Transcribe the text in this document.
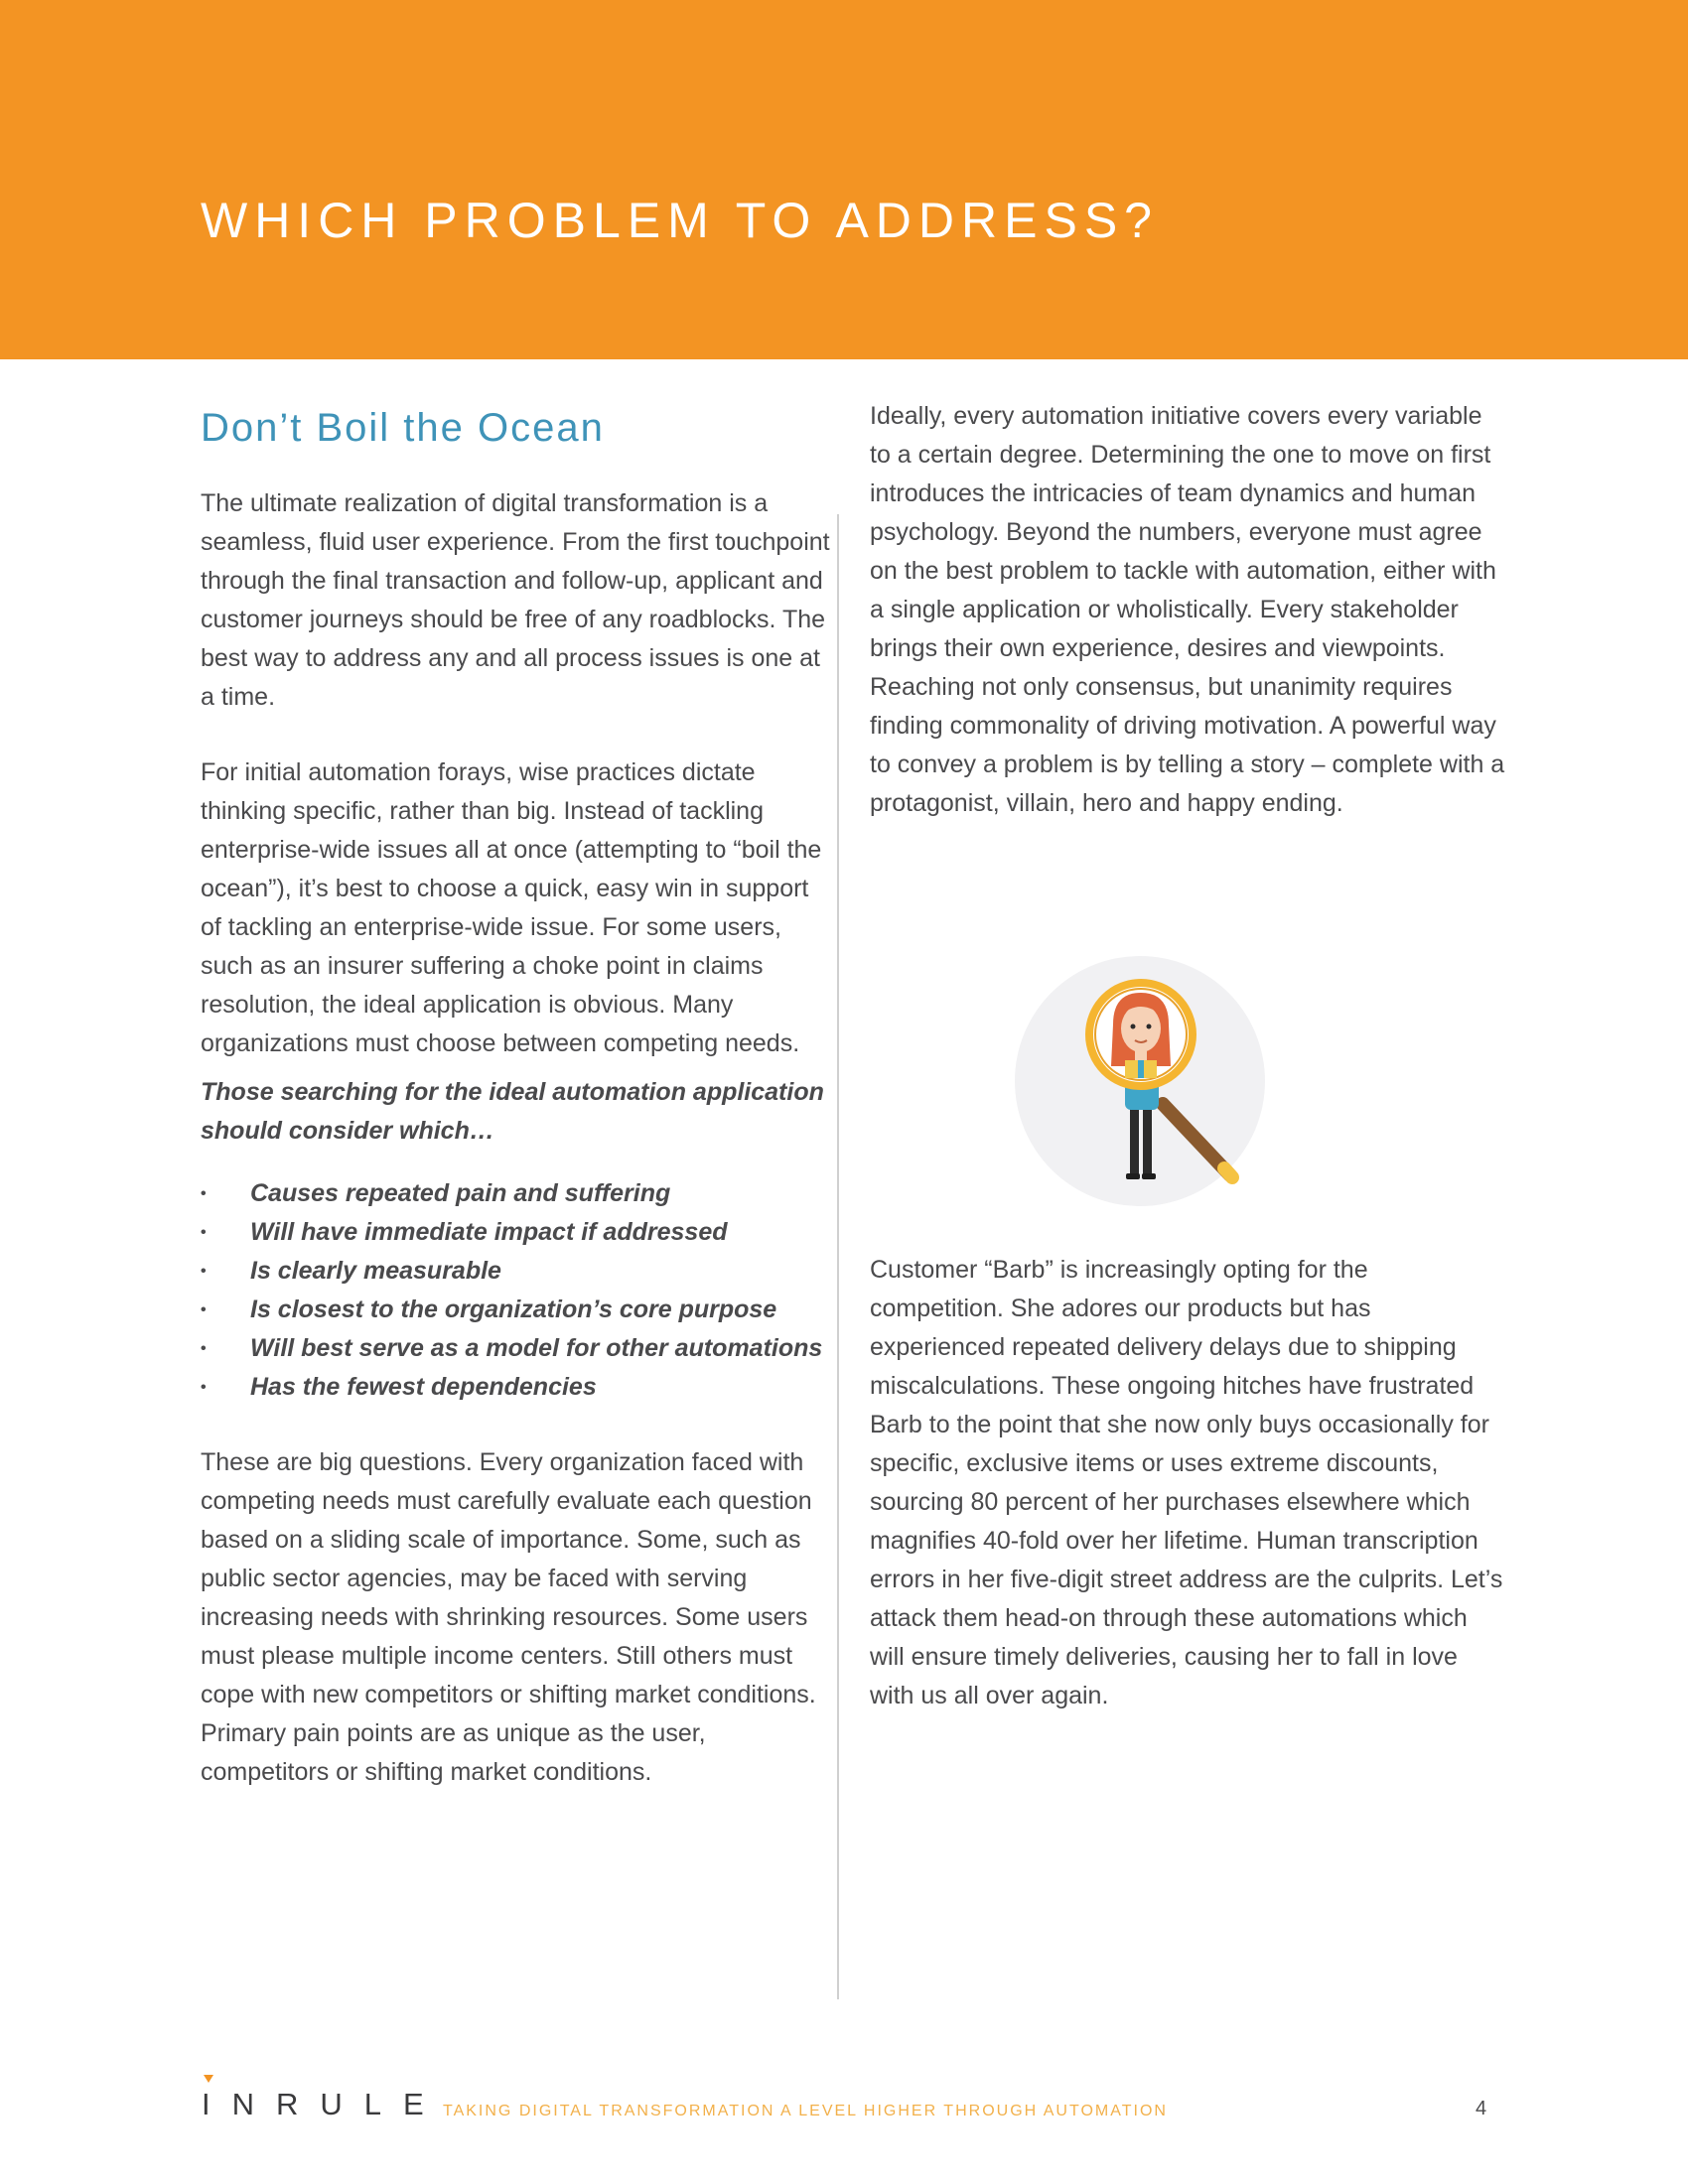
WHICH PROBLEM TO ADDRESS?
Don’t Boil the Ocean

The ultimate realization of digital transformation is a seamless, fluid user experience. From the first touchpoint through the final transaction and follow-up, applicant and customer journeys should be free of any roadblocks. The best way to address any and all process issues is one at a time.

For initial automation forays, wise practices dictate thinking specific, rather than big. Instead of tackling enterprise-wide issues all at once (attempting to “boil the ocean”), it’s best to choose a quick, easy win in support of tackling an enterprise-wide issue. For some users, such as an insurer suffering a choke point in claims resolution, the ideal application is obvious. Many organizations must choose between competing needs.

Those searching for the ideal automation application should consider which…

• Causes repeated pain and suffering
• Will have immediate impact if addressed
• Is clearly measurable
• Is closest to the organization’s core purpose
• Will best serve as a model for other automations
• Has the fewest dependencies

These are big questions. Every organization faced with competing needs must carefully evaluate each question based on a sliding scale of importance. Some, such as public sector agencies, may be faced with serving increasing needs with shrinking resources. Some users must please multiple income centers. Still others must cope with new competitors or shifting market conditions. Primary pain points are as unique as the user, competitors or shifting market conditions.

Ideally, every automation initiative covers every variable to a certain degree. Determining the one to move on first introduces the intricacies of team dynamics and human psychology. Beyond the numbers, everyone must agree on the best problem to tackle with automation, either with a single application or wholistically. Every stakeholder brings their own experience, desires and viewpoints. Reaching not only consensus, but unanimity requires finding commonality of driving motivation. A powerful way to convey a problem is by telling a story – complete with a protagonist, villain, hero and happy ending.

Customer “Barb” is increasingly opting for the competition. She adores our products but has experienced repeated delivery delays due to shipping miscalculations. These ongoing hitches have frustrated Barb to the point that she now only buys occasionally for specific, exclusive items or uses extreme discounts, sourcing 80 percent of her purchases elsewhere which magnifies 40-fold over her lifetime. Human transcription errors in her five-digit street address are the culprits. Let’s attack them head-on through these automations which will ensure timely deliveries, causing her to fall in love with us all over again.

INRULE
TAKING DIGITAL TRANSFORMATION A LEVEL HIGHER THROUGH AUTOMATION	4
